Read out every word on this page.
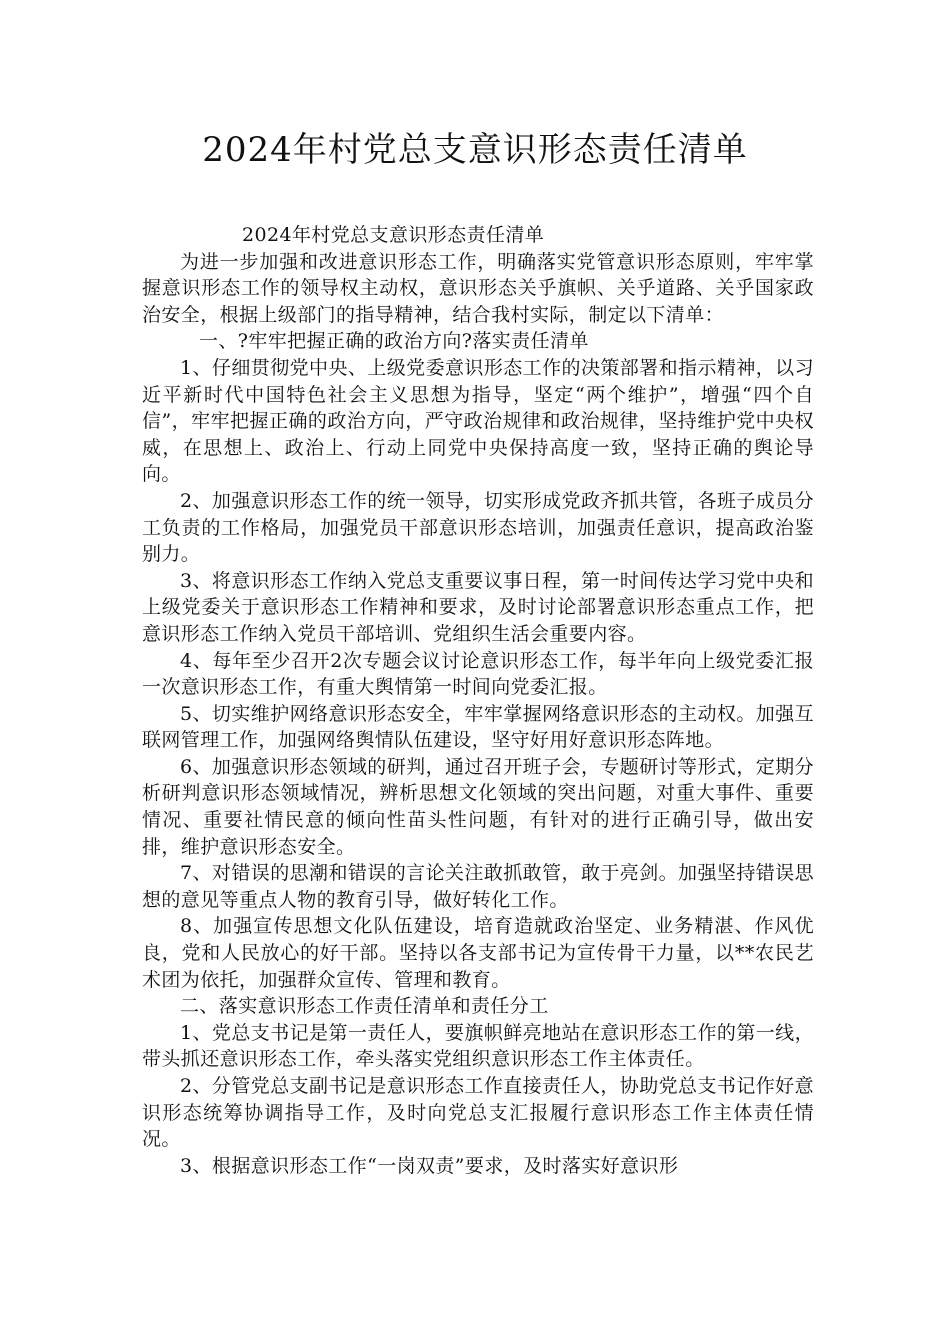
2024年村党总支意识形态责任清单

2024年村党总支意识形态责任清单

为进一步加强和改进意识形态工作，明确落实党管意识形态原则，牢牢掌握意识形态工作的领导权主动权，意识形态关乎旗帜、关乎道路、关乎国家政治安全，根据上级部门的指导精神，结合我村实际，制定以下清单：

一、?牢牢把握正确的政治方向?落实责任清单

1、仔细贯彻党中央、上级党委意识形态工作的决策部署和指示精神，以习近平新时代中国特色社会主义思想为指导，坚定“两个维护”，增强“四个自信”，牢牢把握正确的政治方向，严守政治规律和政治规律，坚持维护党中央权威，在思想上、政治上、行动上同党中央保持高度一致，坚持正确的舆论导向。

2、加强意识形态工作的统一领导，切实形成党政齐抓共管，各班子成员分工负责的工作格局，加强党员干部意识形态培训，加强责任意识，提高政治鉴别力。

3、将意识形态工作纳入党总支重要议事日程，第一时间传达学习党中央和上级党委关于意识形态工作精神和要求，及时讨论部署意识形态重点工作，把意识形态工作纳入党员干部培训、党组织生活会重要内容。

4、每年至少召开2次专题会议讨论意识形态工作，每半年向上级党委汇报一次意识形态工作，有重大舆情第一时间向党委汇报。

5、切实维护网络意识形态安全，牢牢掌握网络意识形态的主动权。加强互联网管理工作，加强网络舆情队伍建设，坚守好用好意识形态阵地。

6、加强意识形态领域的研判，通过召开班子会，专题研讨等形式，定期分析研判意识形态领域情况，辨析思想文化领域的突出问题，对重大事件、重要情况、重要社情民意的倾向性苗头性问题，有针对的进行正确引导，做出安排，维护意识形态安全。

7、对错误的思潮和错误的言论关注敢抓敢管，敢于亮剑。加强坚持错误思想的意见等重点人物的教育引导，做好转化工作。

8、加强宣传思想文化队伍建设，培育造就政治坚定、业务精湛、作风优良，党和人民放心的好干部。坚持以各支部书记为宣传骨干力量，以**农民艺术团为依托，加强群众宣传、管理和教育。

二、落实意识形态工作责任清单和责任分工

1、党总支书记是第一责任人，要旗帜鲜亮地站在意识形态工作的第一线，带头抓还意识形态工作，牵头落实党组织意识形态工作主体责任。

2、分管党总支副书记是意识形态工作直接责任人，协助党总支书记作好意识形态统筹协调指导工作，及时向党总支汇报履行意识形态工作主体责任情况。

3、根据意识形态工作“一岗双责”要求，及时落实好意识形
